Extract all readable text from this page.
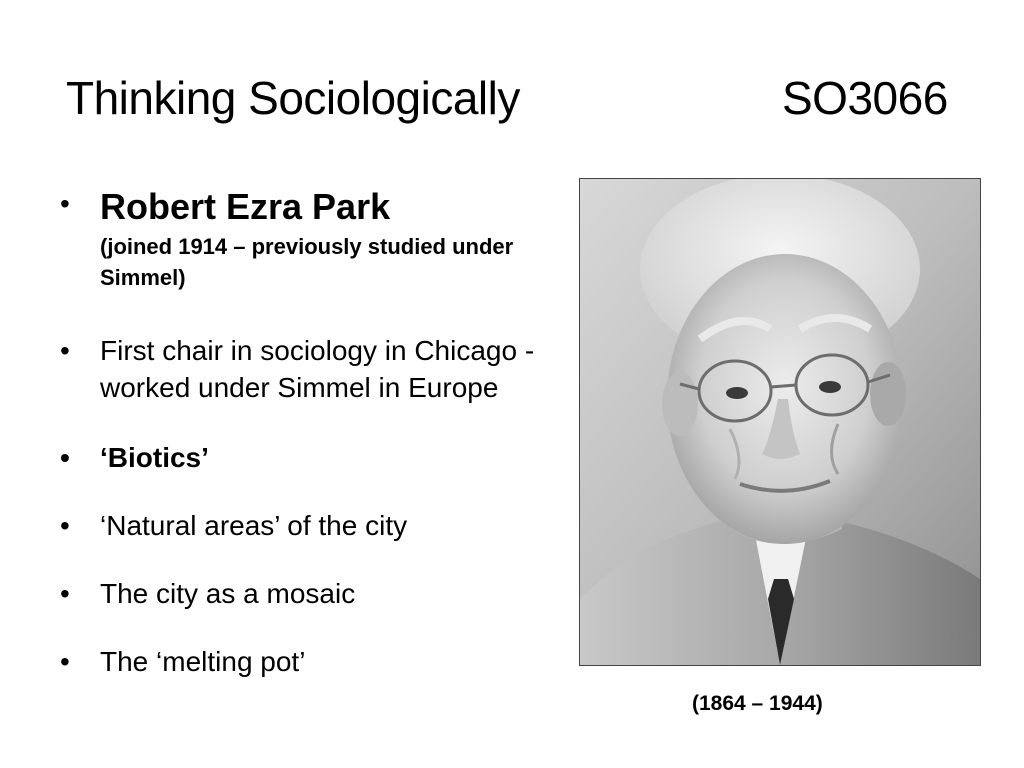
Thinking Sociologically	SO3066
• Robert Ezra Park
(joined 1914 – previously studied under Simmel)
• First chair in sociology in Chicago - worked under Simmel in Europe
• ‘Biotics’
• ‘Natural areas’ of the city
• The city as a mosaic
• The ‘melting pot’
(1864 – 1944)
